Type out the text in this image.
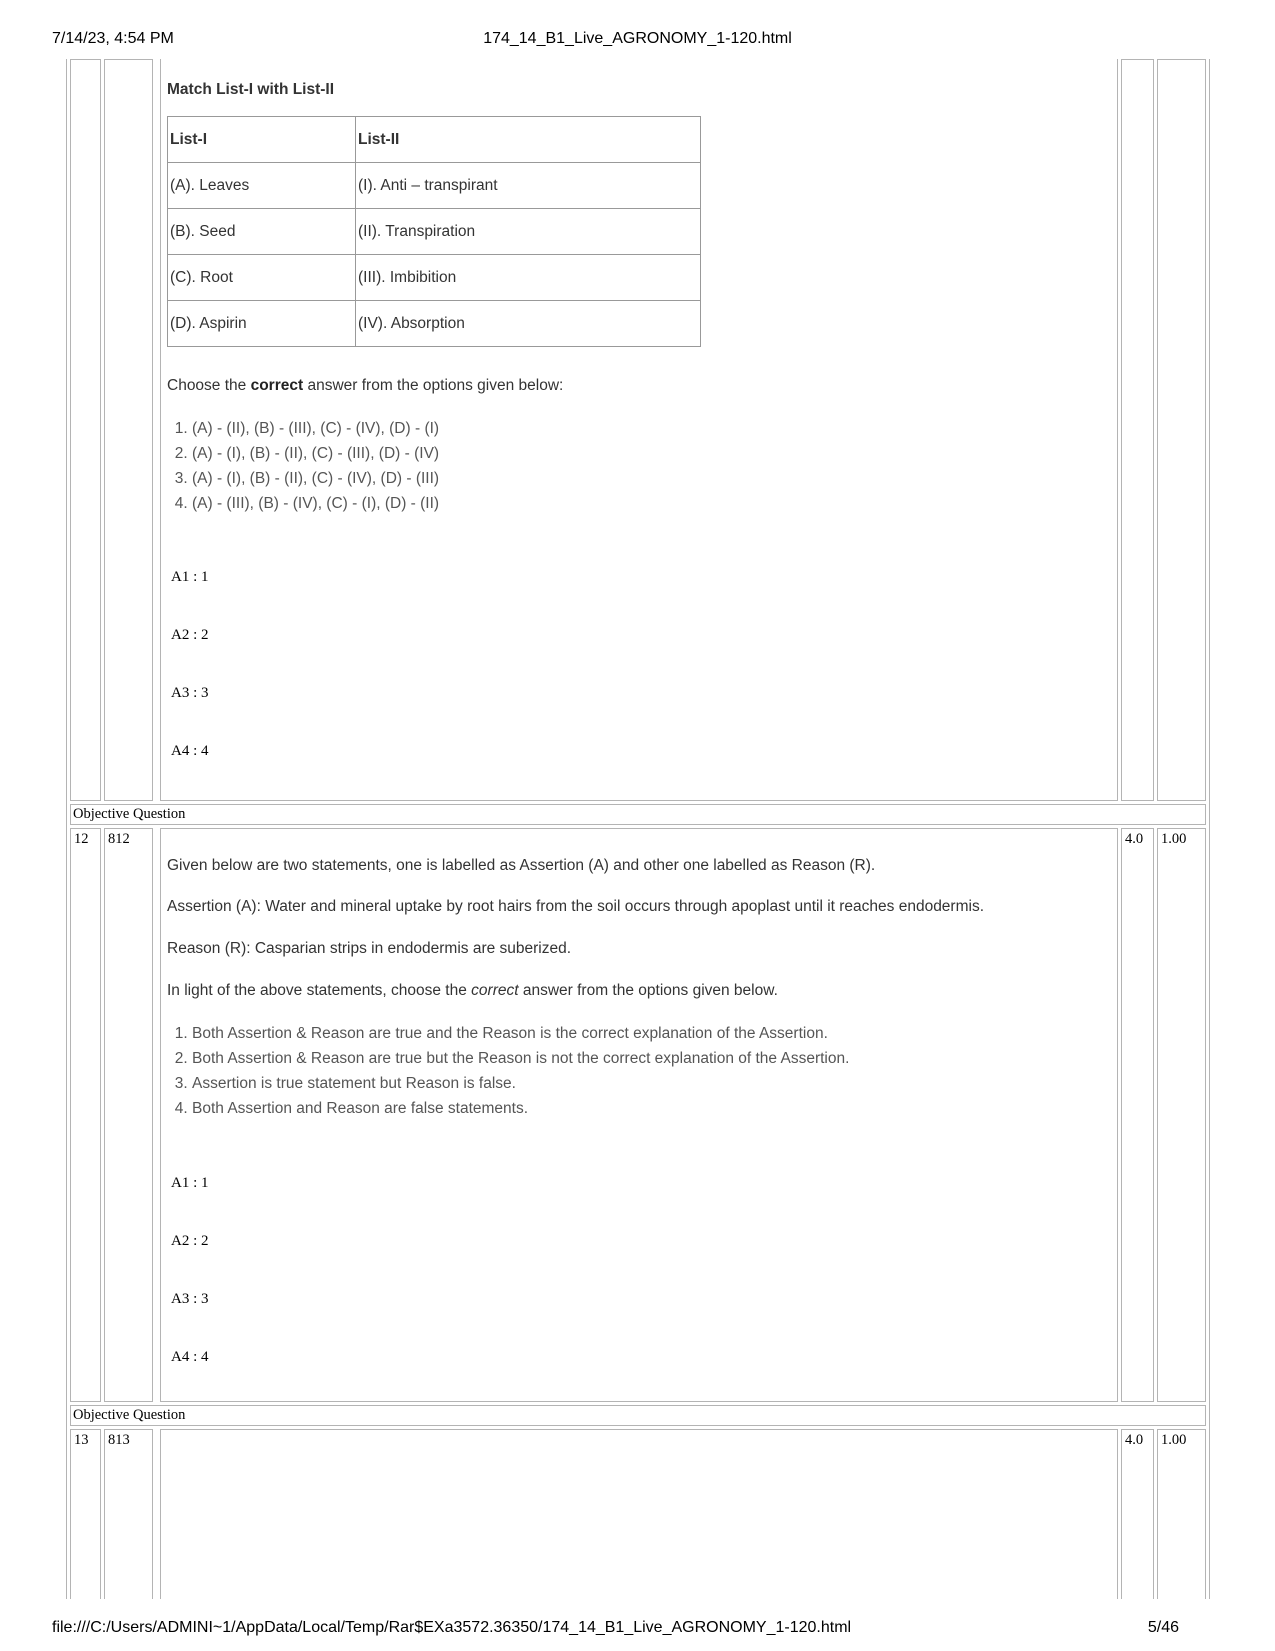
7/14/23, 4:54 PM	174_14_B1_Live_AGRONOMY_1-120.html
file:///C:/Users/ADMINI~1/AppData/Local/Temp/Rar$EXa3572.36350/174_14_B1_Live_AGRONOMY_1-120.html	5/46
Match List-I with List-II
List-I	List-II
(A). Leaves	(I). Anti – transpirant
(B). Seed	(II). Transpiration
(C). Root	(III). Imbibition
(D). Aspirin	(IV). Absorption
Choose the correct answer from the options given below:
1. (A) - (II), (B) - (III), (C) - (IV), (D) - (I)
2. (A) - (I), (B) - (II), (C) - (III), (D) - (IV)
3. (A) - (I), (B) - (II), (C) - (IV), (D) - (III)
4. (A) - (III), (B) - (IV), (C) - (I), (D) - (II)
A1 : 1
A2 : 2
A3 : 3
A4 : 4
Objective Question
12 812	4.0 1.00
Given below are two statements, one is labelled as Assertion (A) and other one labelled as Reason (R).
Assertion (A): Water and mineral uptake by root hairs from the soil occurs through apoplast until it reaches endodermis.
Reason (R): Casparian strips in endodermis are suberized.
In light of the above statements, choose the correct answer from the options given below.
1. Both Assertion & Reason are true and the Reason is the correct explanation of the Assertion.
2. Both Assertion & Reason are true but the Reason is not the correct explanation of the Assertion.
3. Assertion is true statement but Reason is false.
4. Both Assertion and Reason are false statements.
A1 : 1
A2 : 2
A3 : 3
A4 : 4
Objective Question
13 813	4.0 1.00
